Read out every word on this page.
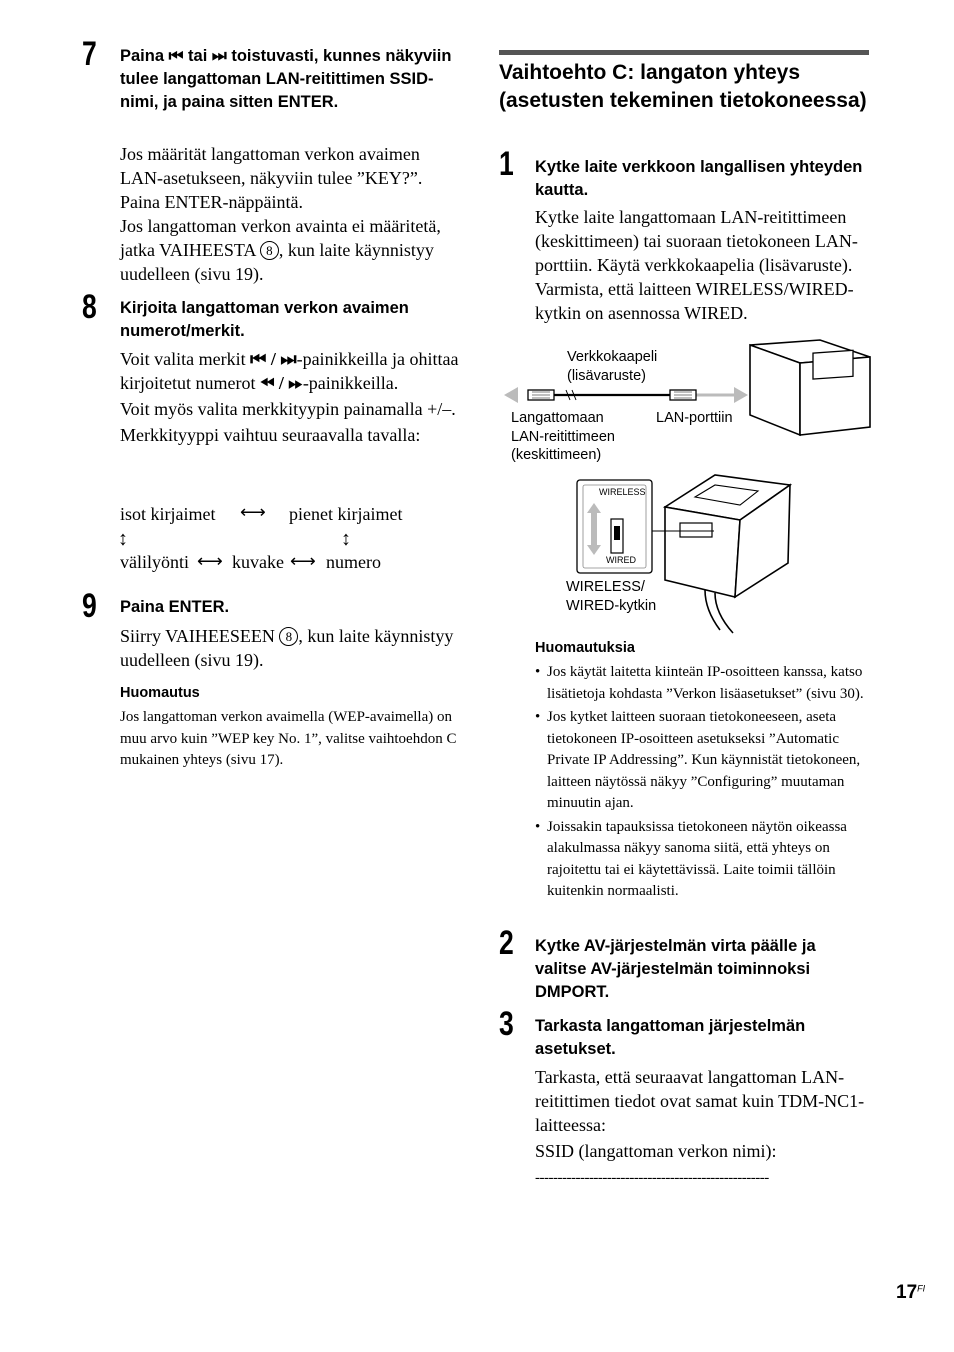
7 Paina ⏮︎ tai ⏭︎ toistuvasti, kunnes näkyviin tulee langattoman LAN-reitittimen SSID-nimi, ja paina sitten ENTER.

Jos määrität langattoman verkon avaimen LAN-asetukseen, näkyviin tulee ”KEY?”. Paina ENTER-näppäintä.

Jos langattoman verkon avainta ei määritetä, jatka VAIHEESTA 8 , kun laite käynnistyy uudelleen (sivu 19).

8 Kirjoita langattoman verkon avaimen numerot/merkit.

Voit valita merkit ⏮︎ / ⏭︎-painikkeilla ja ohittaa kirjoitetut numerot ⏪︎ / ⏩︎-painikkeilla.

Voit myös valita merkkityypin painamalla +/–.

Merkkityyppi vaihtuu seuraavalla tavalla:

isot kirjaimet ⟷ pienet kirjaimet
↕	↕
välilyönti ⟷ kuvake ⟷ numero
9 Paina ENTER.

Siirry VAIHEESEEN 8 , kun laite käynnistyy uudelleen (sivu 19).

Huomautus
Jos langattoman verkon avaimella (WEP-avaimella) on muu arvo kuin ”WEP key No. 1”, valitse vaihtoehdon C mukainen yhteys (sivu 17).
Vaihtoehto C: langaton yhteys (asetusten tekeminen tietokoneessa)
1 Kytke laite verkkoon langallisen yhteyden kautta.
Kytke laite langattomaan LAN-reitittimeen (keskittimeen) tai suoraan tietokoneen LAN-porttiin. Käytä verkkokaapelia (lisävaruste). Varmista, että laitteen WIRELESS/WIRED-kytkin on asennossa WIRED.
Verkkokaapeli
(lisävaruste)
Langattomaan
LAN-reitittimeen
(keskittimeen)
LAN-porttiin
WIRELESS
WIRED
WIRELESS/
WIRED-kytkin
Huomautuksia
• Jos käytät laitetta kiinteän IP-osoitteen kanssa, katso lisätietoja kohdasta ”Verkon lisäasetukset” (sivu 30).
• Jos kytket laitteen suoraan tietokoneeseen, aseta tietokoneen IP-osoitteen asetukseksi ”Automatic Private IP Addressing”. Kun käynnistät tietokoneen, laitteen näytössä näkyy ”Configuring” muutaman minuutin ajan.
• Joissakin tapauksissa tietokoneen näytön oikeassa alakulmassa näkyy sanoma siitä, että yhteys on rajoitettu tai ei käytettävissä. Laite toimii tällöin kuitenkin normaalisti.
2 Kytke AV-järjestelmän virta päälle ja valitse AV-järjestelmän toiminnoksi DMPORT.
3 Tarkasta langattoman järjestelmän asetukset.

Tarkasta, että seuraavat langattoman LAN-reitittimen tiedot ovat samat kuin TDM-NC1-laitteessa:

SSID (langattoman verkon nimi):

----------------------------------------------------
$17^{FI}$
